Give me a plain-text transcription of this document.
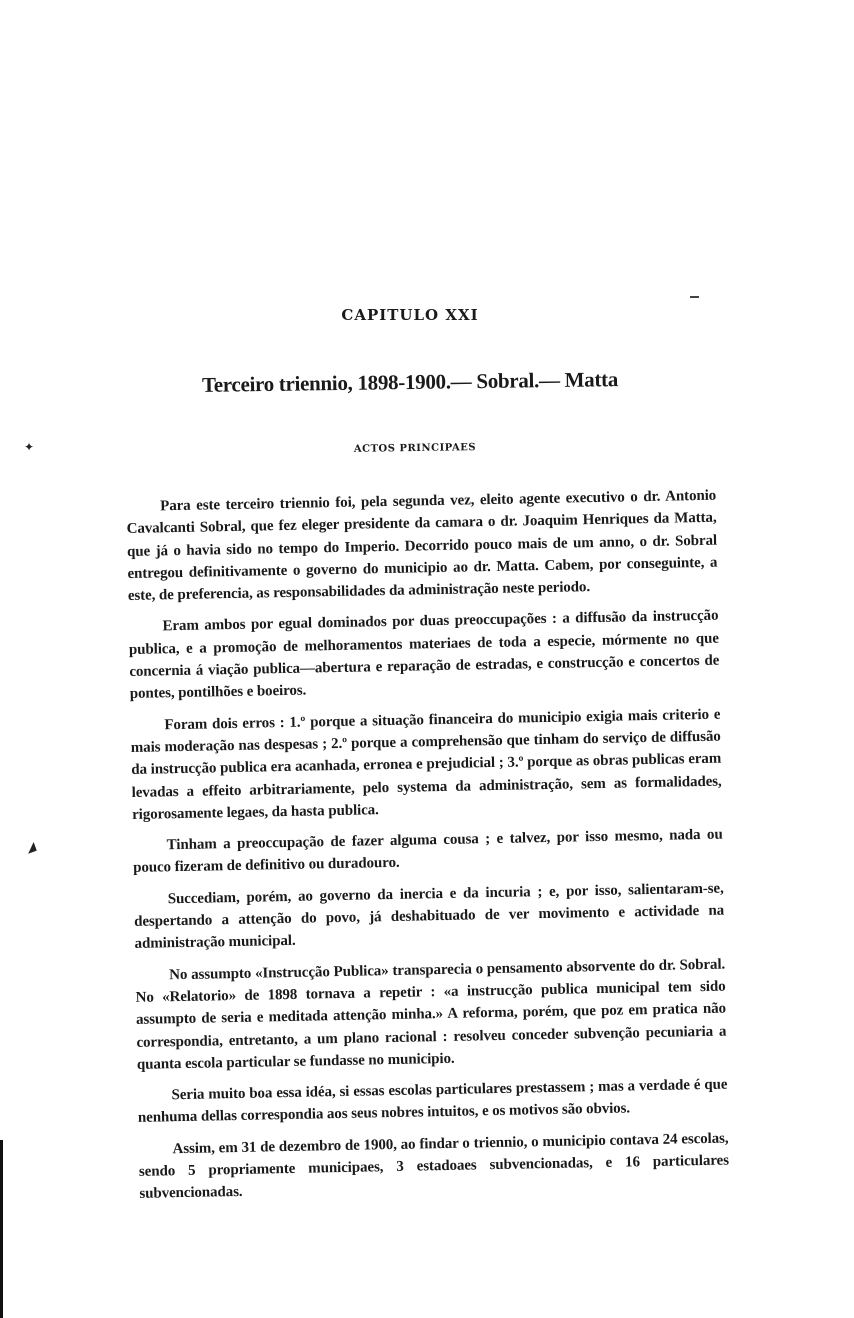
CAPITULO XXI
Terceiro triennio, 1898-1900.— Sobral.— Matta
ACTOS PRINCIPAES
✦
◢

Para este terceiro triennio foi, pela segunda vez, eleito agente executivo o dr. Antonio Cavalcanti Sobral, que fez eleger presidente da camara o dr. Joaquim Henriques da Matta, que já o havia sido no tempo do Imperio. Decorrido pouco mais de um anno, o dr. Sobral entregou definitivamente o governo do municipio ao dr. Matta. Cabem, por conseguinte, a este, de preferencia, as responsabilidades da administração neste periodo.

Eram ambos por egual dominados por duas preoccupações : a diffusão da instrucção publica, e a promoção de melhoramentos materiaes de toda a especie, mórmente no que concernia á viação publica—abertura e reparação de estradas, e construcção e concertos de pontes, pontilhões e boeiros.

Foram dois erros : 1.º porque a situação financeira do municipio exigia mais criterio e mais moderação nas despesas ; 2.º porque a comprehensão que tinham do serviço de diffusão da instrucção publica era acanhada, erronea e prejudicial ; 3.º porque as obras publicas eram levadas a effeito arbitrariamente, pelo systema da administração, sem as formalidades, rigorosamente legaes, da hasta publica.

Tinham a preoccupação de fazer alguma cousa ; e talvez, por isso mesmo, nada ou pouco fizeram de definitivo ou duradouro.

Succediam, porém, ao governo da inercia e da incuria ; e, por isso, salientaram-se, despertando a attenção do povo, já deshabituado de ver movimento e actividade na administração municipal.

No assumpto «Instrucção Publica» transparecia o pensamento absorvente do dr. Sobral. No «Relatorio» de 1898 tornava a repetir : «a instrucção publica municipal tem sido assumpto de seria e meditada attenção minha.» A reforma, porém, que poz em pratica não correspondia, entretanto, a um plano racional : resolveu conceder subvenção pecuniaria a quanta escola particular se fundasse no municipio.

Seria muito boa essa idéa, si essas escolas particulares prestassem ; mas a verdade é que nenhuma dellas correspondia aos seus nobres intuitos, e os motivos são obvios.

Assim, em 31 de dezembro de 1900, ao findar o triennio, o municipio contava 24 escolas, sendo 5 propriamente municipaes, 3 estadoaes subvencionadas, e 16 particulares subvencionadas.
